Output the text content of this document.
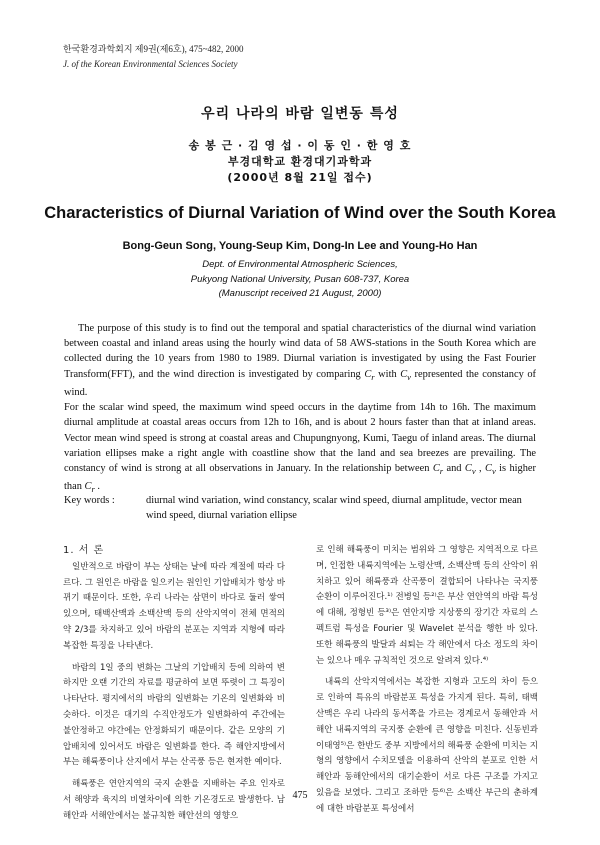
한국환경과학회지 제9권(제6호), 475~482, 2000
J. of the Korean Environmental Sciences Society
우리 나라의 바람 일변동 특성
송 봉 근 · 김 영 섭 · 이 동 인 · 한 영 호
부경대학교 환경대기과학과
(2000년 8월 21일 접수)
Characteristics of Diurnal Variation of Wind over the South Korea
Bong-Geun Song, Young-Seup Kim, Dong-In Lee and Young-Ho Han
Dept. of Environmental Atmospheric Sciences,
Pukyong National University, Pusan 608-737, Korea
(Manuscript received 21 August, 2000)

The purpose of this study is to find out the temporal and spatial characteristics of the diurnal wind variation between coastal and inland areas using the hourly wind data of 58 AWS-stations in the South Korea which are collected during the 10 years from 1980 to 1989. Diurnal variation is investigated by using the Fast Fourier Transform(FFT), and the wind direction is investigated by comparing $C_r$ with $C_v$ represented the constancy of wind.

For the scalar wind speed, the maximum wind speed occurs in the daytime from 14h to 16h. The maximum diurnal amplitude at coastal areas occurs from 12h to 16h, and is about 2 hours faster than that at inland areas. Vector mean wind speed is strong at coastal areas and Chupungnyong, Kumi, Taegu of inland areas. The diurnal variation ellipses make a right angle with coastline show that the land and sea breezes are prevailing. The constancy of wind is strong at all observations in January. In the relationship between $C_r$ and $C_v$ , $C_v$ is higher than $C_r$ .

Key words :	diurnal wind variation, wind constancy, scalar wind speed, diurnal amplitude, vector mean wind speed, diurnal variation ellipse
1. 서 론

일반적으로 바람이 부는 상태는 날에 따라 계절에 따라 다르다. 그 원인은 바람을 일으키는 원인인 기압배치가 항상 바뀌기 때문이다. 또한, 우리 나라는 삼면이 바다로 둘러 쌓여 있으며, 태백산맥과 소백산맥 등의 산악지역이 전체 면적의 약 2/3를 차지하고 있어 바람의 분포는 지역과 지형에 따라 복잡한 특징을 나타낸다.

바람의 1일 중의 변화는 그날의 기압배치 등에 의하여 변하지만 오랜 기간의 자료를 평균하여 보면 뚜렷이 그 특징이 나타난다. 평지에서의 바람의 일변화는 기온의 일변화와 비슷하다. 이것은 대기의 수직안정도가 일변화하여 주간에는 불안정하고 야간에는 안정화되기 때문이다. 같은 모양의 기압배치에 있어서도 바람은 일변화를 한다. 즉 해안지방에서 부는 해륙풍이나 산지에서 부는 산곡풍 등은 현저한 예이다.

해륙풍은 연안지역의 국지 순환을 지배하는 주요 인자로서 해양과 육지의 비열차이에 의한 기온경도로 발생한다. 남해안과 서해안에서는 불규칙한 해안선의 영향으

로 인해 해륙풍이 미치는 범위와 그 영향은 지역적으로 다르며, 인접한 내륙지역에는 노령산맥, 소백산맥 등의 산악이 위치하고 있어 해륙풍과 산곡풍이 결합되어 나타나는 국지풍 순환이 이루어진다.¹⁾ 전병일 등²⁾은 부산 연안역의 바람 특성에 대해, 정형빈 등³⁾은 연안지방 지상풍의 장기간 자료의 스펙트럼 특성을 Fourier 및 Wavelet 분석을 행한 바 있다. 또한 해륙풍의 발달과 쇠퇴는 각 해안에서 다소 정도의 차이는 있으나 매우 규칙적인 것으로 알려져 있다.⁴⁾

내륙의 산악지역에서는 복잡한 지형과 고도의 차이 등으로 인하여 특유의 바람분포 특성을 가지게 된다. 특히, 태백산맥은 우리 나라의 동서쪽을 가르는 경계로서 동해안과 서해안 내륙지역의 국지풍 순환에 큰 영향을 미친다. 신동빈과 이태영⁵⁾은 한반도 중부 지방에서의 해륙풍 순환에 미치는 지형의 영향에서 수치모델을 이용하여 산악의 분포로 인한 서해안과 동해안에서의 대기순환이 서로 다른 구조를 가지고 있음을 보였다. 그리고 조하만 등⁶⁾은 소백산 부근의 춘하계에 대한 바람분포 특성에서

475
